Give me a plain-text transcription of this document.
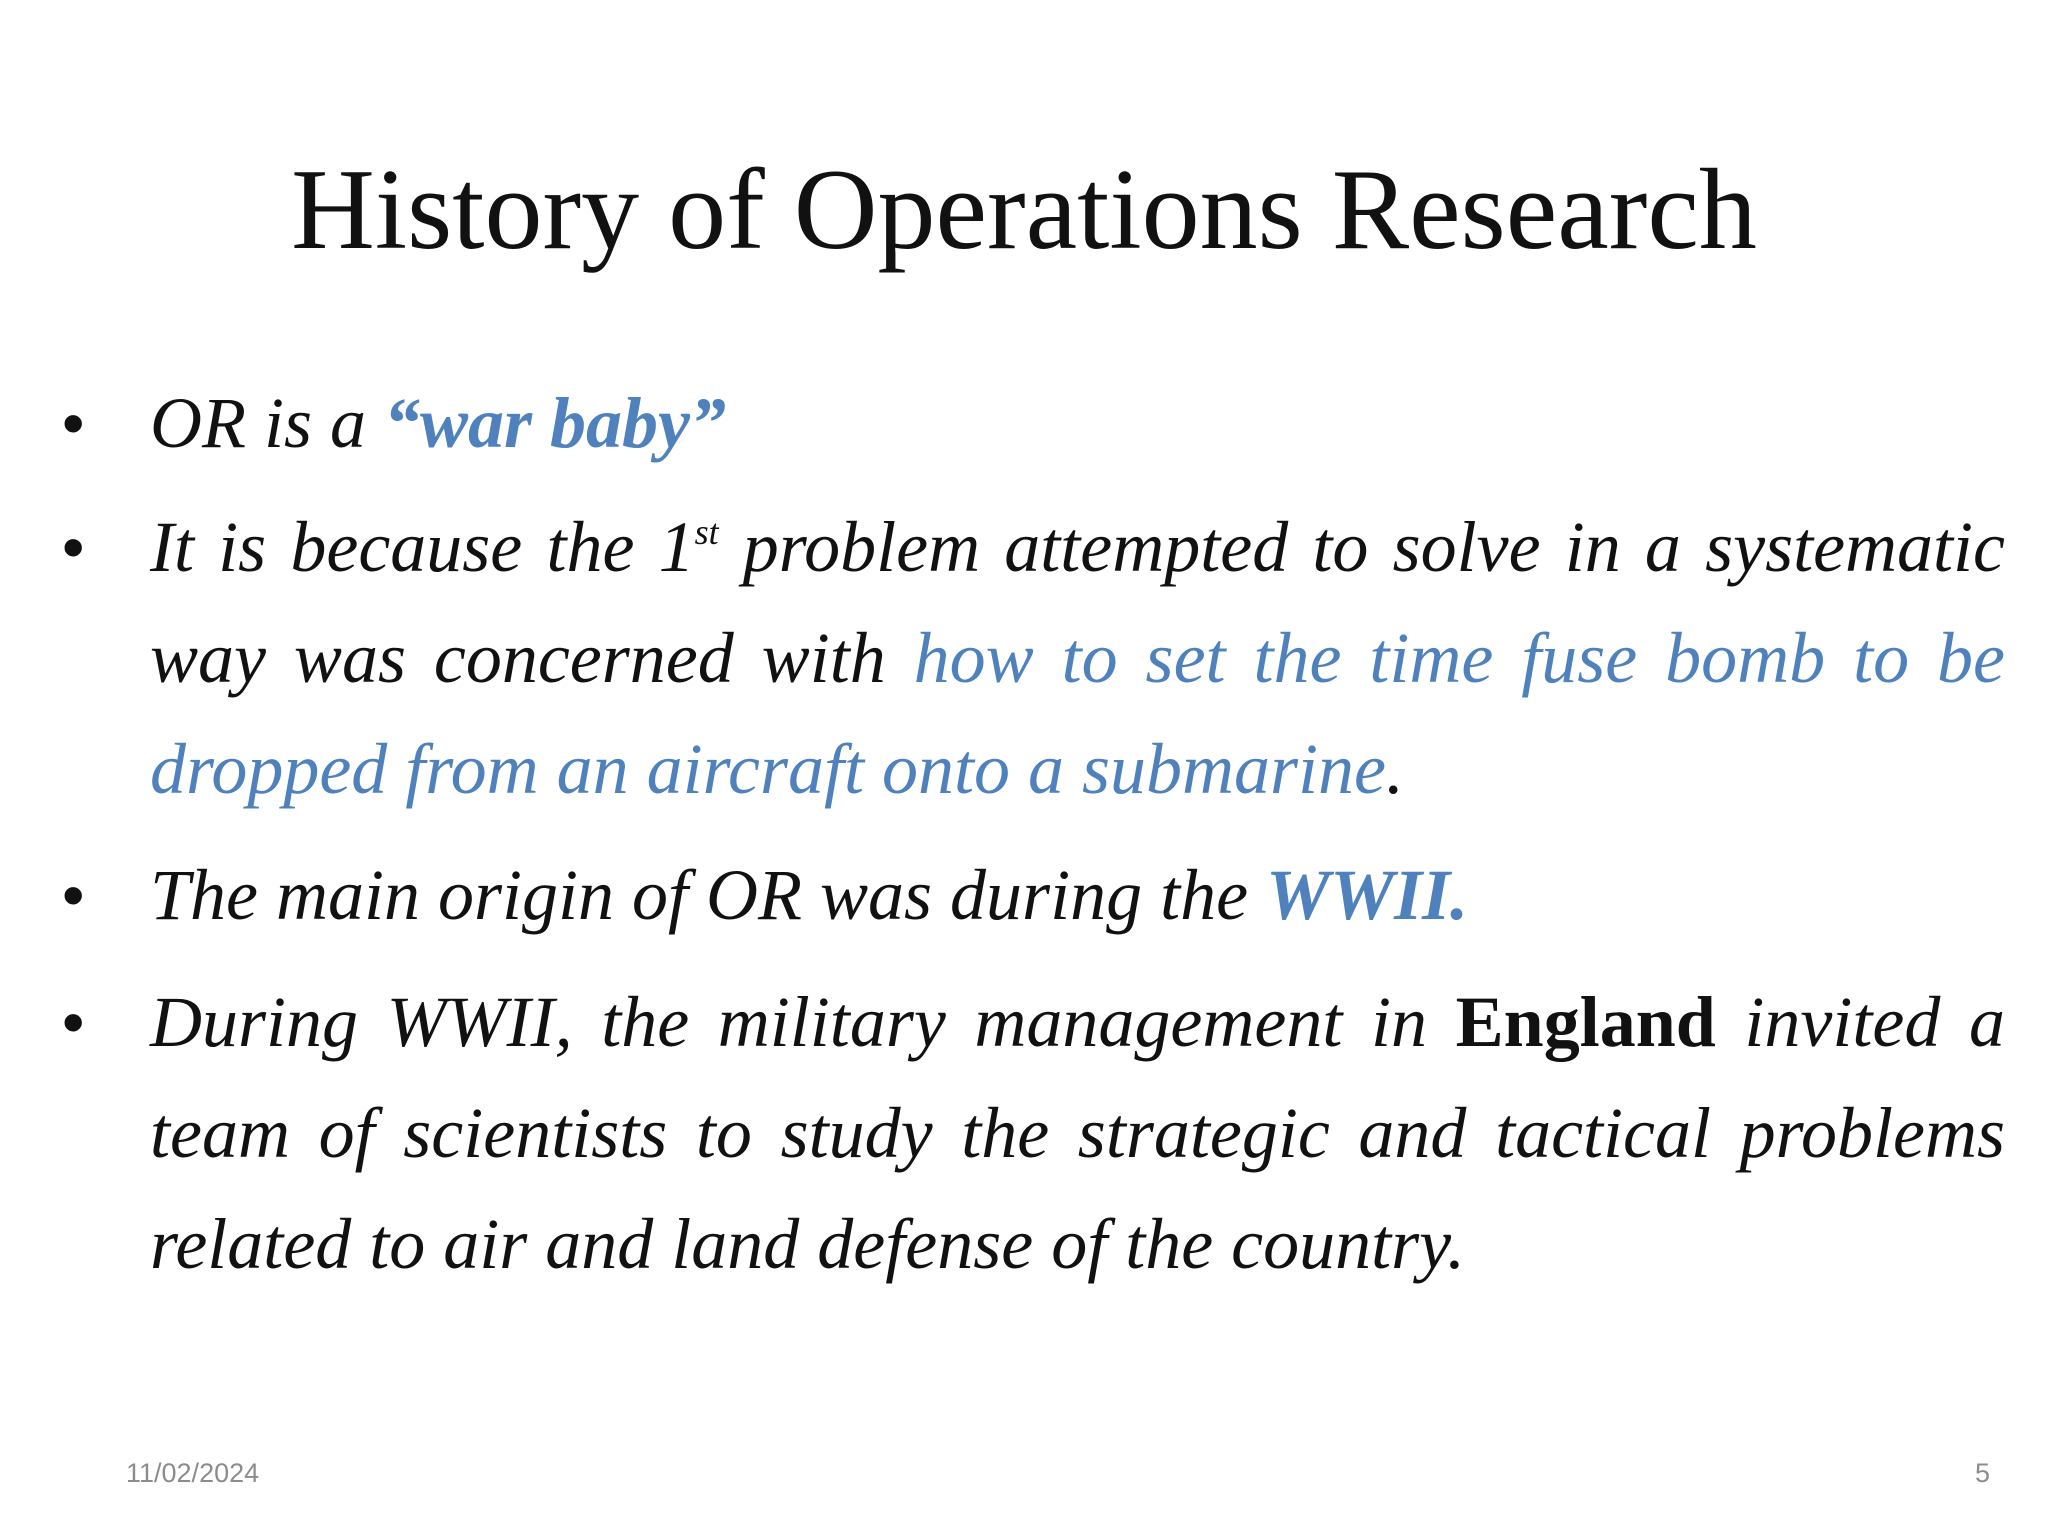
History of Operations Research
• OR is a “war baby”
• It is because the 1st problem attempted to solve in a systematic way was concerned with how to set the time fuse bomb to be dropped from an aircraft onto a submarine.
• The main origin of OR was during the WWII.
• During WWII, the military management in England invited a team of scientists to study the strategic and tactical problems related to air and land defense of the country.
11/02/2024	5
